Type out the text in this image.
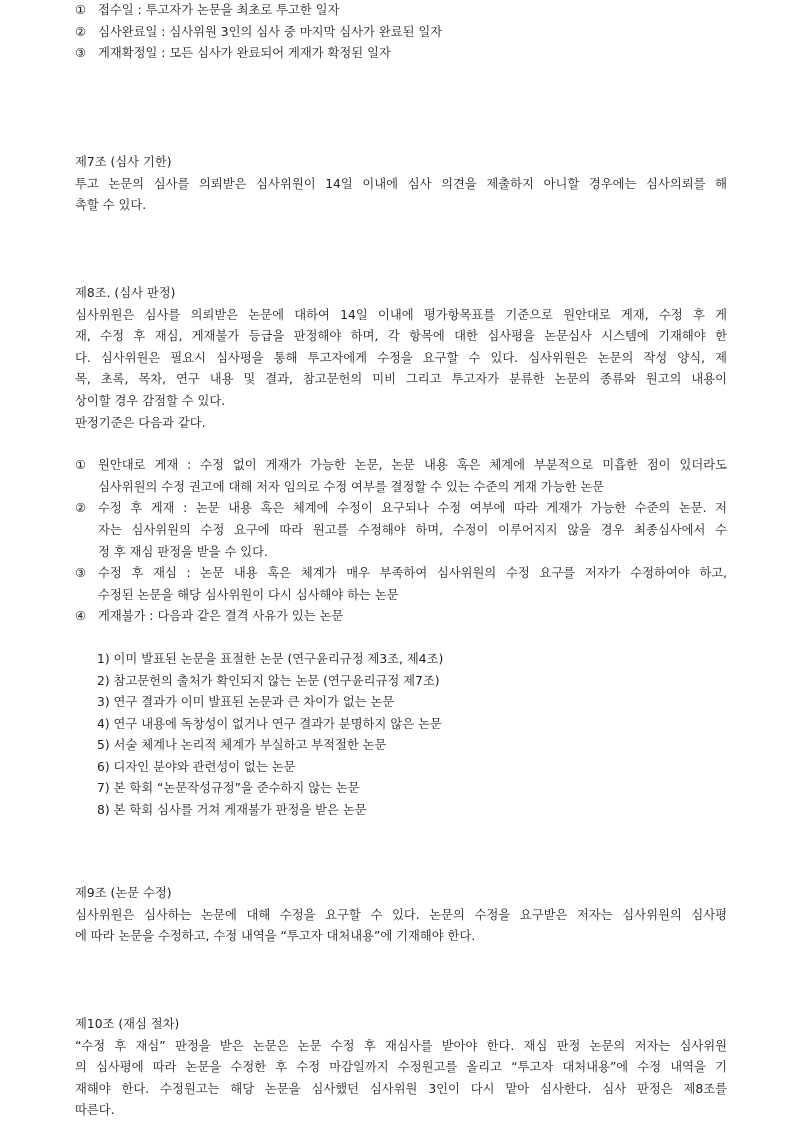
① 접수일 : 투고자가 논문을 최초로 투고한 일자
② 심사완료일 : 심사위원 3인의 심사 중 마지막 심사가 완료된 일자
③ 게재확정일 : 모든 심사가 완료되어 게재가 확정된 일자
제7조 (심사 기한)
투고 논문의 심사를 의뢰받은 심사위원이 14일 이내에 심사 의견을 제출하지 아니할 경우에는 심사의뢰를 해
촉할 수 있다.
제8조. (심사 판정)
심사위원은 심사를 의뢰받은 논문에 대하여 14일 이내에 평가항목표를 기준으로 원안대로 게재, 수정 후 게
재, 수정 후 재심, 게재불가 등급을 판정해야 하며, 각 항목에 대한 심사평을 논문심사 시스템에 기재해야 한
다. 심사위원은 필요시 심사평을 통해 투고자에게 수정을 요구할 수 있다. 심사위원은 논문의 작성 양식, 제
목, 초록, 목차, 연구 내용 및 결과, 참고문헌의 미비 그리고 투고자가 분류한 논문의 종류와 원고의 내용이
상이할 경우 감점할 수 있다.
판정기준은 다음과 같다.
① 원안대로 게재 : 수정 없이 게재가 가능한 논문, 논문 내용 혹은 체계에 부분적으로 미흡한 점이 있더라도
심사위원의 수정 권고에 대해 저자 임의로 수정 여부를 결정할 수 있는 수준의 게재 가능한 논문
② 수정 후 게재 : 논문 내용 혹은 체계에 수정이 요구되나 수정 여부에 따라 게재가 가능한 수준의 논문. 저
자는 심사위원의 수정 요구에 따라 원고를 수정해야 하며, 수정이 이루어지지 않을 경우 최종심사에서 수
정 후 재심 판정을 받을 수 있다.
③ 수정 후 재심 : 논문 내용 혹은 체계가 매우 부족하여 심사위원의 수정 요구를 저자가 수정하여야 하고,
수정된 논문을 해당 심사위원이 다시 심사해야 하는 논문
④ 게재불가 : 다음과 같은 결격 사유가 있는 논문
1) 이미 발표된 논문을 표절한 논문 (연구윤리규정 제3조, 제4조)
2) 참고문헌의 출처가 확인되지 않는 논문 (연구윤리규정 제7조)
3) 연구 결과가 이미 발표된 논문과 큰 차이가 없는 논문
4) 연구 내용에 독창성이 없거나 연구 결과가 분명하지 않은 논문
5) 서술 체계나 논리적 체계가 부실하고 부적절한 논문
6) 디자인 분야와 관련성이 없는 논문
7) 본 학회 “논문작성규정”을 준수하지 않는 논문
8) 본 학회 심사를 거쳐 게재불가 판정을 받은 논문
제9조 (논문 수정)
심사위원은 심사하는 논문에 대해 수정을 요구할 수 있다. 논문의 수정을 요구받은 저자는 심사위원의 심사평
에 따라 논문을 수정하고, 수정 내역을 “투고자 대처내용”에 기재해야 한다.
제10조 (재심 절차)
“수정 후 재심” 판정을 받은 논문은 논문 수정 후 재심사를 받아야 한다. 재심 판정 논문의 저자는 심사위원
의 심사평에 따라 논문을 수정한 후 수정 마감일까지 수정원고를 올리고 “투고자 대처내용”에 수정 내역을 기
재해야 한다. 수정원고는 해당 논문을 심사했던 심사위원 3인이 다시 맡아 심사한다. 심사 판정은 제8조를
따른다.
